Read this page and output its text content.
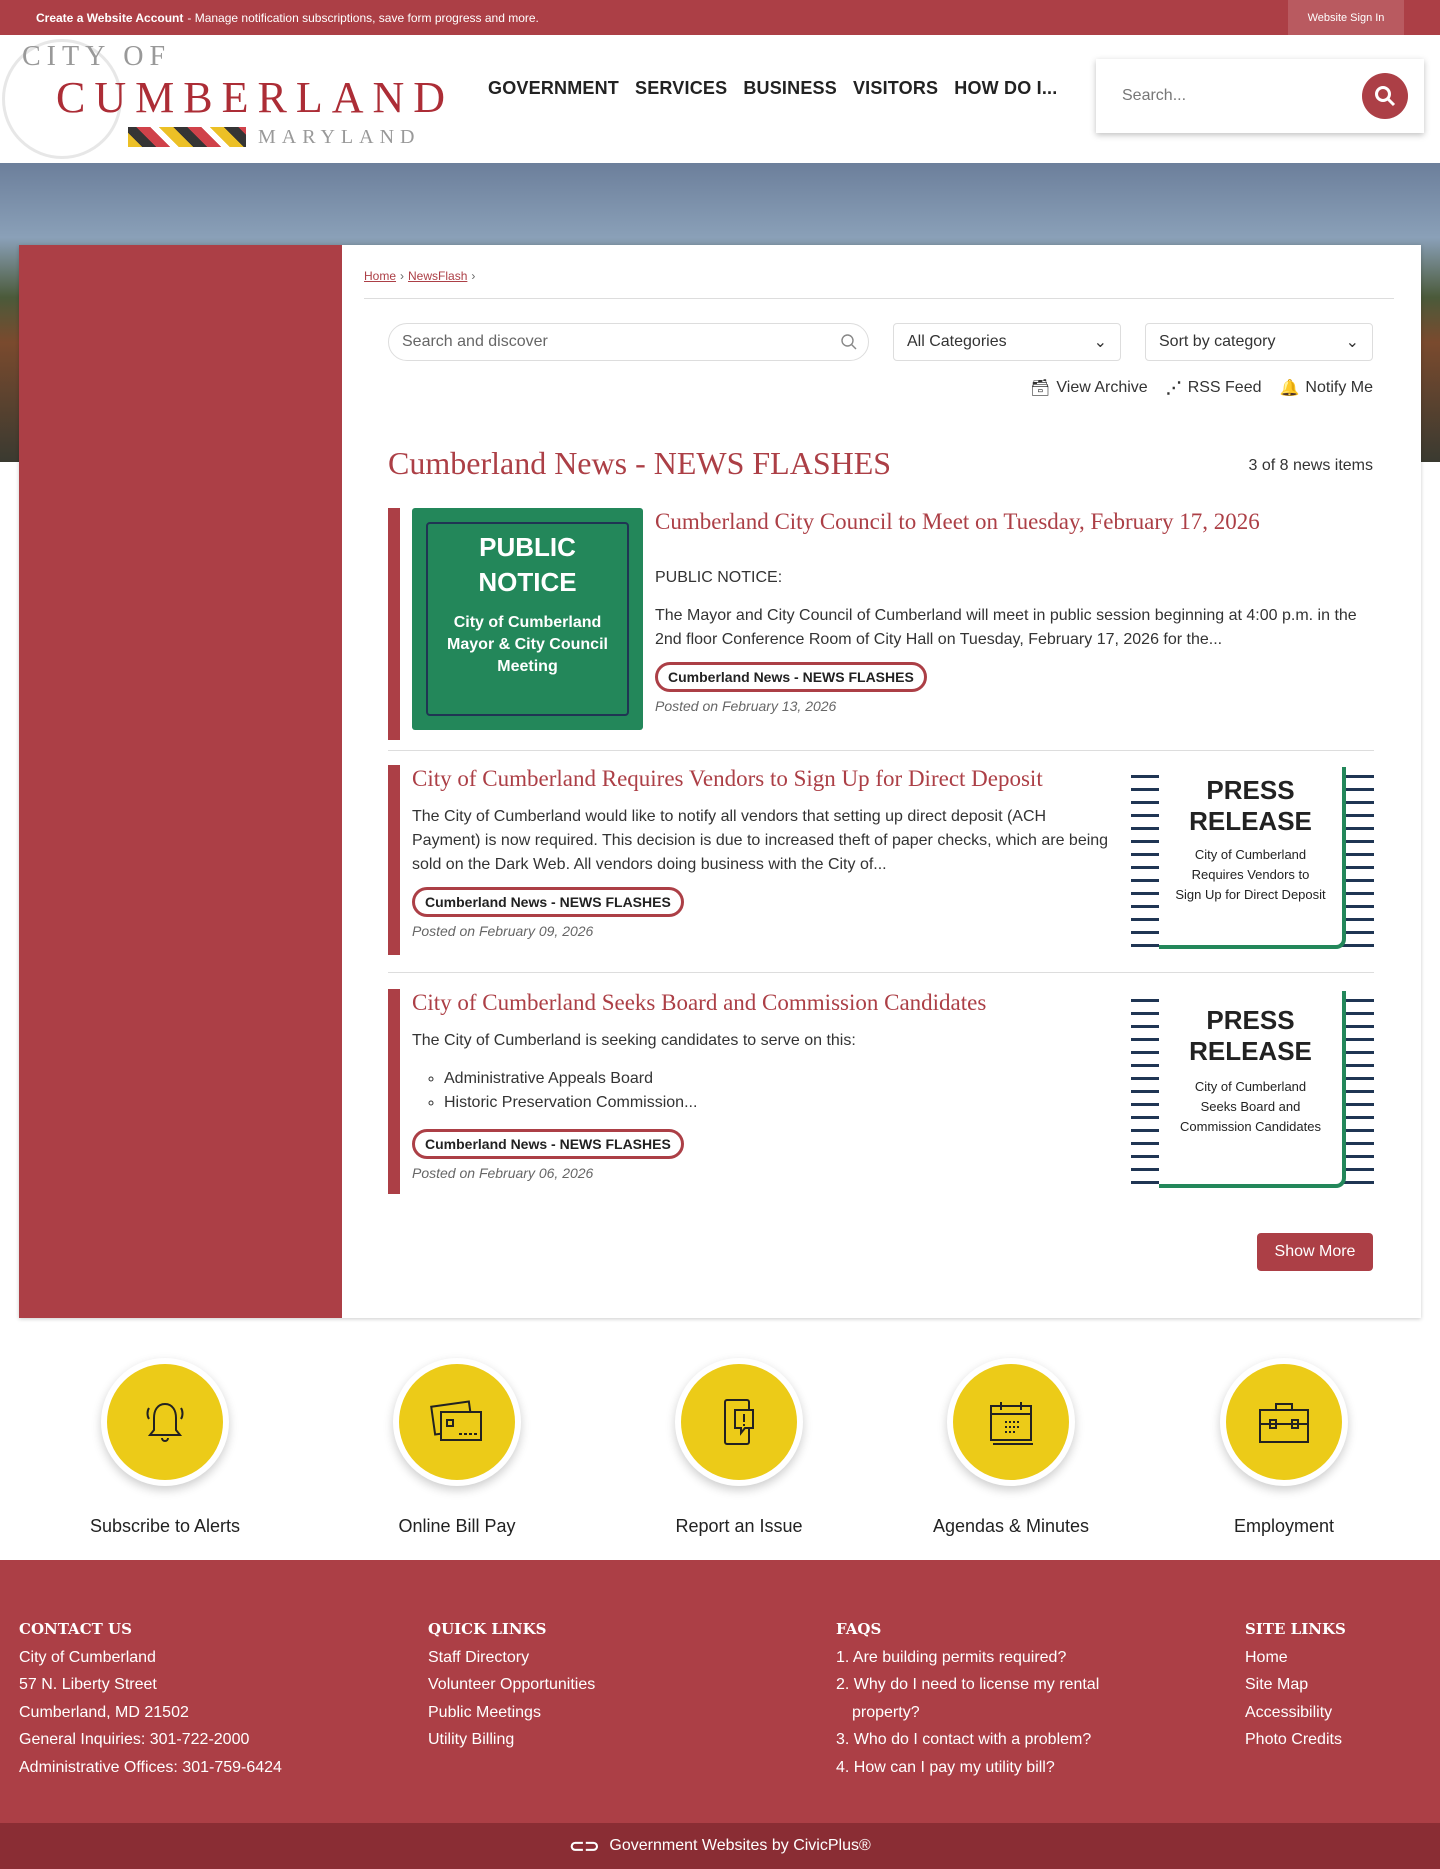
Create a Website Account - Manage notification subscriptions, save form progress and more.	Website Sign In
CITY OF
CUMBERLAND
MARYLAND
GOVERNMENT SERVICES BUSINESS VISITORS HOW DO I...	Search...
Home › NewsFlash ›
Search and discover	All Categories	⌄	Sort by category	⌄
🗃 View Archive ⋰ RSS Feed 🔔 Notify Me
Cumberland News - NEWS FLASHES	3 of 8 news items
PUBLIC
NOTICE
City of Cumberland
Mayor & City Council
Meeting
Cumberland City Council to Meet on Tuesday, February 17, 2026

PUBLIC NOTICE:

The Mayor and City Council of Cumberland will meet in public session beginning at 4:00 p.m. in the 2nd floor Conference Room of City Hall on Tuesday, February 17, 2026 for the...

Cumberland News - NEWS FLASHES

Posted on February 13, 2026

City of Cumberland Requires Vendors to Sign Up for Direct Deposit

The City of Cumberland would like to notify all vendors that setting up direct deposit (ACH Payment) is now required. This decision is due to increased theft of paper checks, which are being sold on the Dark Web. All vendors doing business with the City of...

Cumberland News - NEWS FLASHES

Posted on February 09, 2026

PRESS
RELEASE
City of Cumberland
Requires Vendors to
Sign Up for Direct Deposit
City of Cumberland Seeks Board and Commission Candidates

The City of Cumberland is seeking candidates to serve on this:

◦ Administrative Appeals Board
◦ Historic Preservation Commission...
Cumberland News - NEWS FLASHES

Posted on February 06, 2026

PRESS
RELEASE
City of Cumberland
Seeks Board and
Commission Candidates
Show More
Subscribe to Alerts	Online Bill Pay	Report an Issue	Agendas & Minutes	Employment
CONTACT US
City of Cumberland
57 N. Liberty Street
Cumberland, MD 21502
General Inquiries: 301-722-2000
Administrative Offices: 301-759-6424
QUICK LINKS
Staff Directory
Volunteer Opportunities
Public Meetings
Utility Billing
FAQS
1. Are building permits required?
2. Why do I need to license my rental property?
3. Who do I contact with a problem?
4. How can I pay my utility bill?
SITE LINKS
Home
Site Map
Accessibility
Photo Credits
⊂⊃ Government Websites by CivicPlus®
